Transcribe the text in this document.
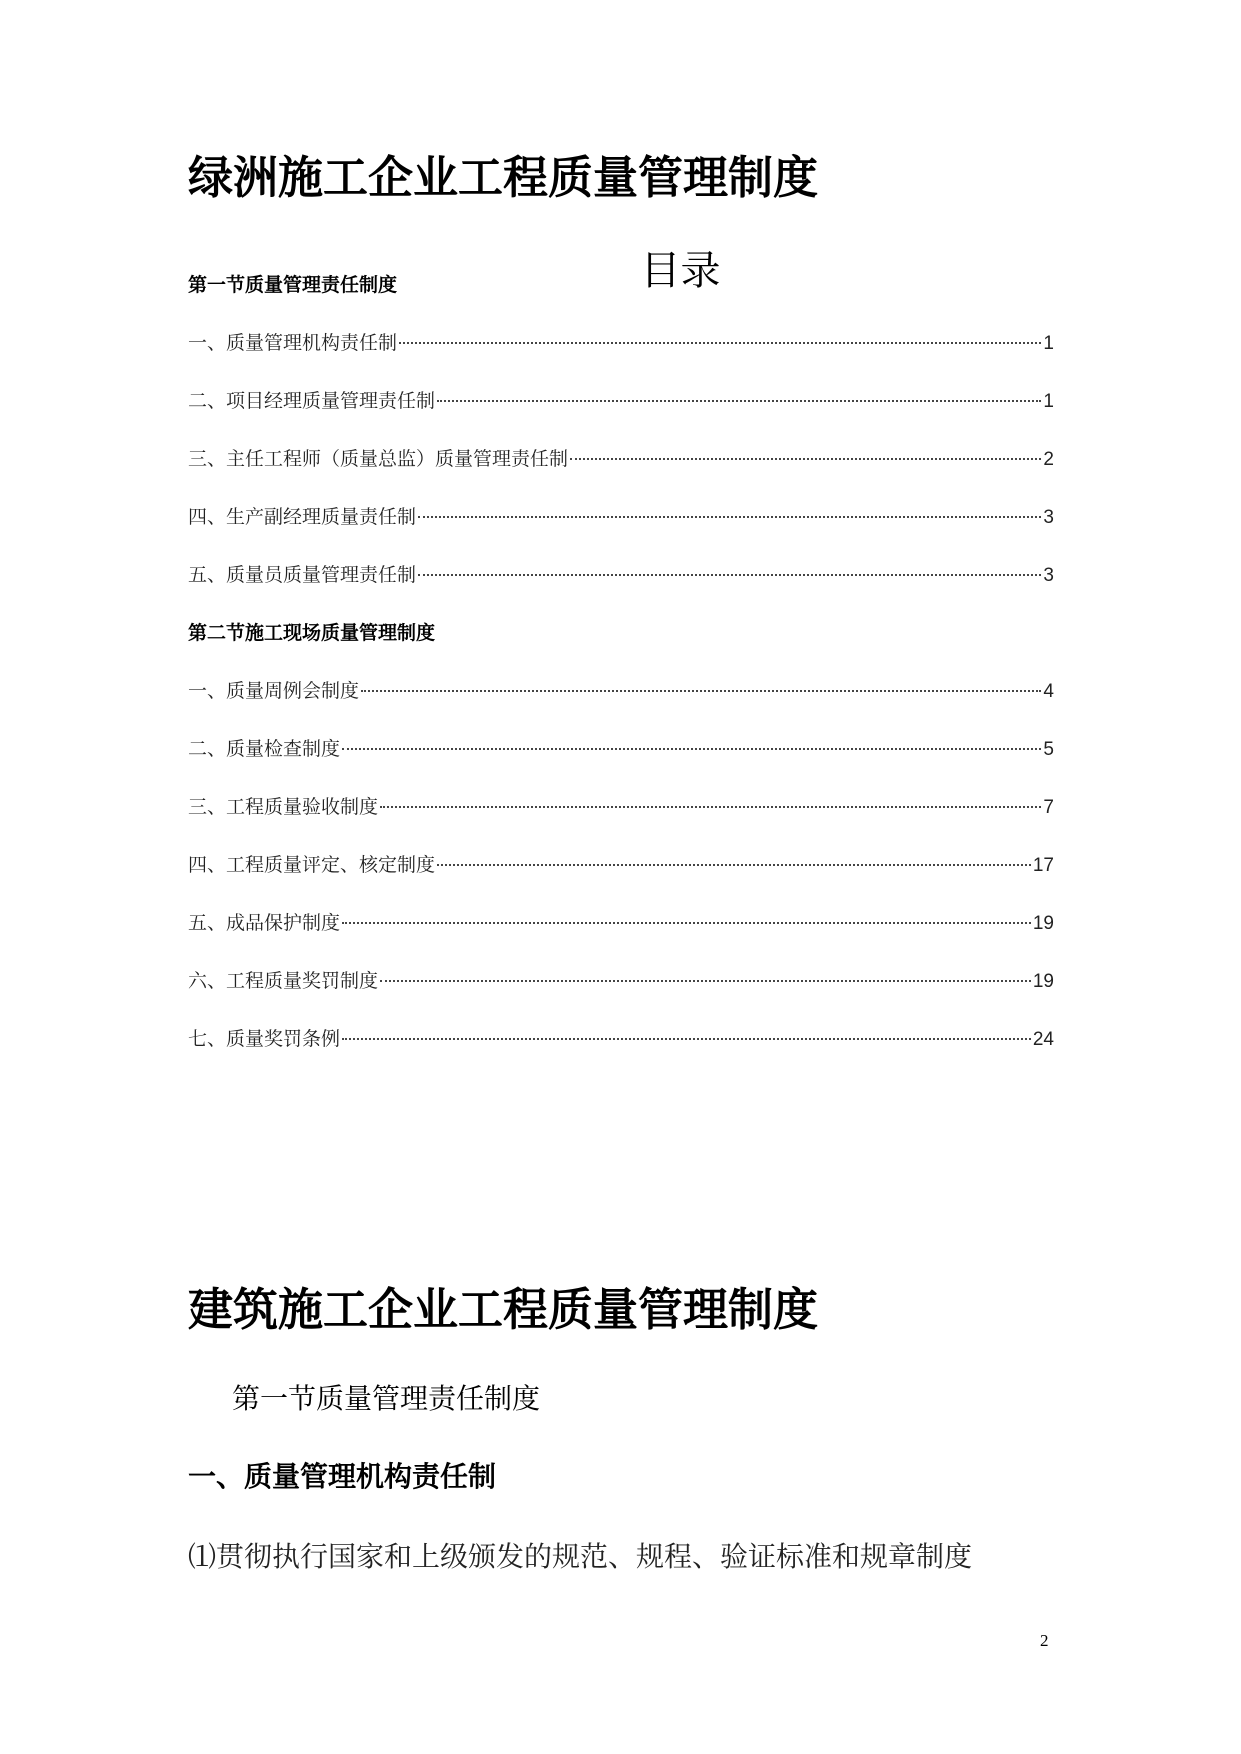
绿洲施工企业工程质量管理制度
目录
第一节质量管理责任制度
一、质量管理机构责任制	1
二、项目经理质量管理责任制	1
三、主任工程师（质量总监）质量管理责任制	2
四、生产副经理质量责任制	3
五、质量员质量管理责任制	3
第二节施工现场质量管理制度
一、质量周例会制度	4
二、质量检查制度	5
三、工程质量验收制度	7
四、工程质量评定、核定制度	17
五、成品保护制度	19
六、工程质量奖罚制度	19
七、质量奖罚条例	24
建筑施工企业工程质量管理制度
第一节质量管理责任制度
一、质量管理机构责任制
⑴贯彻执行国家和上级颁发的规范、规程、验证标准和规章制度
2
